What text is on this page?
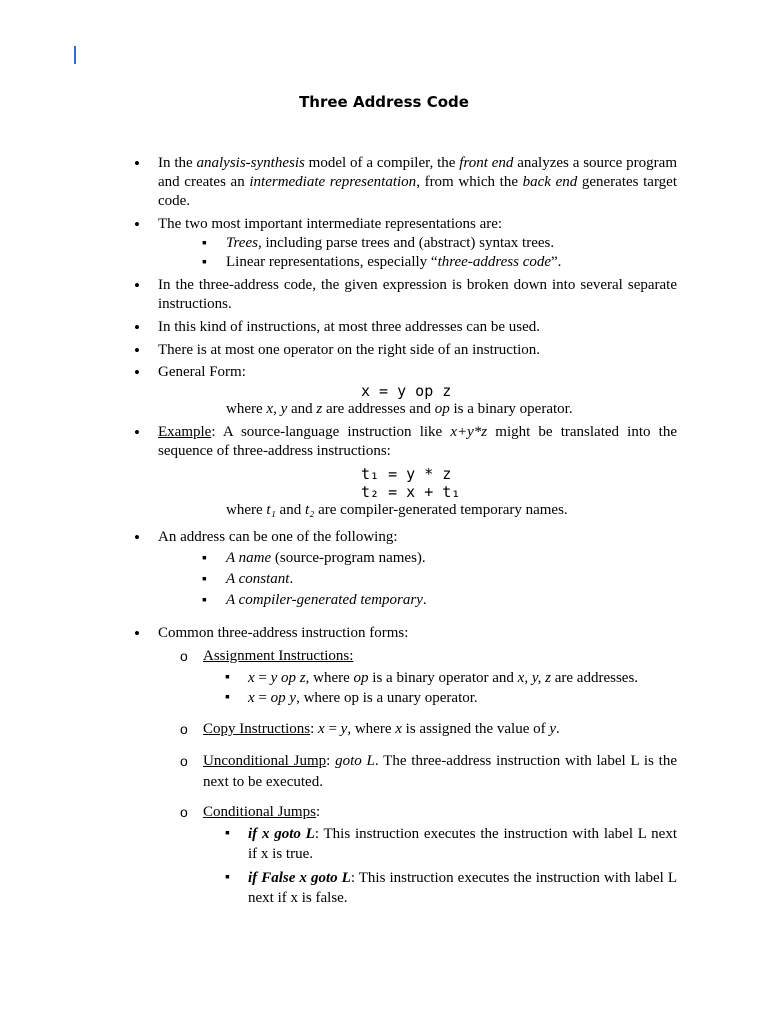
Three Address Code
• In the analysis-synthesis model of a compiler, the front end analyzes a source program and creates an intermediate representation, from which the back end generates target code.
• The two most important intermediate representations are:
▪ Trees, including parse trees and (abstract) syntax trees.
▪ Linear representations, especially “three-address code”.
• In the three-address code, the given expression is broken down into several separate instructions.
• In this kind of instructions, at most three addresses can be used.
• There is at most one operator on the right side of an instruction.
• General Form:
x = y op z
where x, y and z are addresses and op is a binary operator.
• Example: A source-language instruction like x+y*z might be translated into the sequence of three-address instructions:
t₁ = y * z
t₂ = x + t₁
where t₁ and t₂ are compiler-generated temporary names.
• An address can be one of the following:
▪ A name (source-program names).
▪ A constant.
▪ A compiler-generated temporary.
• Common three-address instruction forms:
o Assignment Instructions:
▪ x = y op z, where op is a binary operator and x, y, z are addresses.
▪ x = op y, where op is a unary operator.
o Copy Instructions: x = y, where x is assigned the value of y.
o Unconditional Jump: goto L. The three-address instruction with label L is the next to be executed.
o Conditional Jumps:
▪ if x goto L: This instruction executes the instruction with label L next if x is true.
▪ if False x goto L: This instruction executes the instruction with label L next if x is false.
